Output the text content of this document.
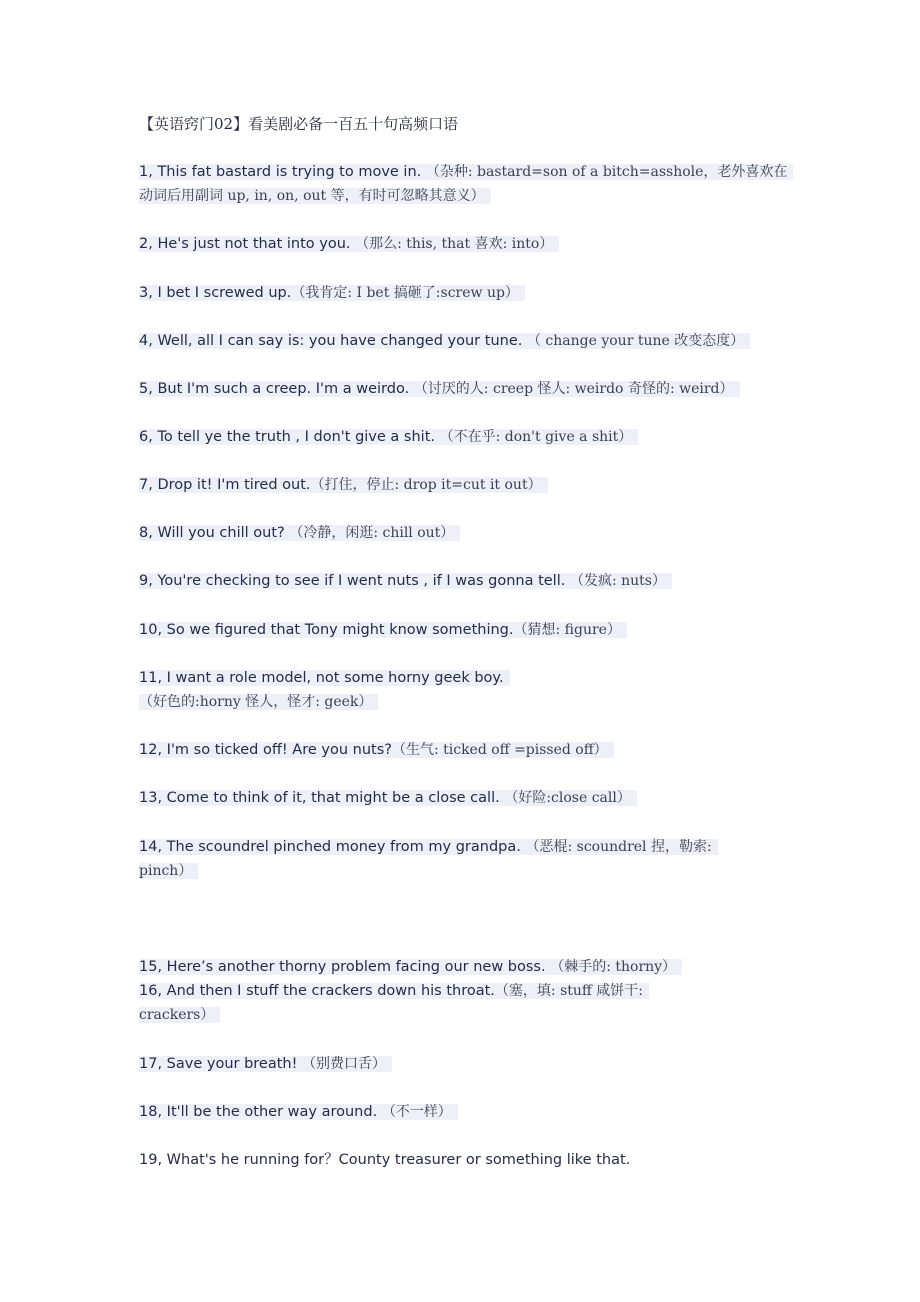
【英语窍门02】看美剧必备一百五十句高频口语
1, This fat bastard is trying to move in. （杂种: bastard=son of a bitch=asshole，老外喜欢在动词后用副词 up, in, on, out 等，有时可忽略其意义）
2, He's just not that into you. （那么: this, that 喜欢: into）
3, I bet I screwed up.（我肯定: I bet 搞砸了:screw up）
4, Well, all I can say is: you have changed your tune. （ change your tune 改变态度）
5, But I'm such a creep. I'm a weirdo. （讨厌的人: creep 怪人: weirdo 奇怪的: weird）
6, To tell ye the truth , I don't give a shit. （不在乎: don't give a shit）
7, Drop it! I'm tired out.（打住，停止: drop it=cut it out）
8, Will you chill out? （冷静，闲逛: chill out）
9, You're checking to see if I went nuts , if I was gonna tell. （发疯: nuts）
10, So we figured that Tony might know something.（猜想: figure）
11, I want a role model, not some horny geek boy. （好色的:horny 怪人，怪才: geek）
12, I'm so ticked off! Are you nuts?（生气: ticked off =pissed off）
13, Come to think of it, that might be a close call. （好险:close call）
14, The scoundrel pinched money from my grandpa. （恶棍: scoundrel 捏，勒索: pinch）
15, Here’s another thorny problem facing our new boss. （棘手的: thorny）
16, And then I stuff the crackers down his throat.（塞，填: stuff 咸饼干: crackers）
17, Save your breath! （别费口舌）
18, It'll be the other way around. （不一样）
19, What's he running for？County treasurer or something like that.
